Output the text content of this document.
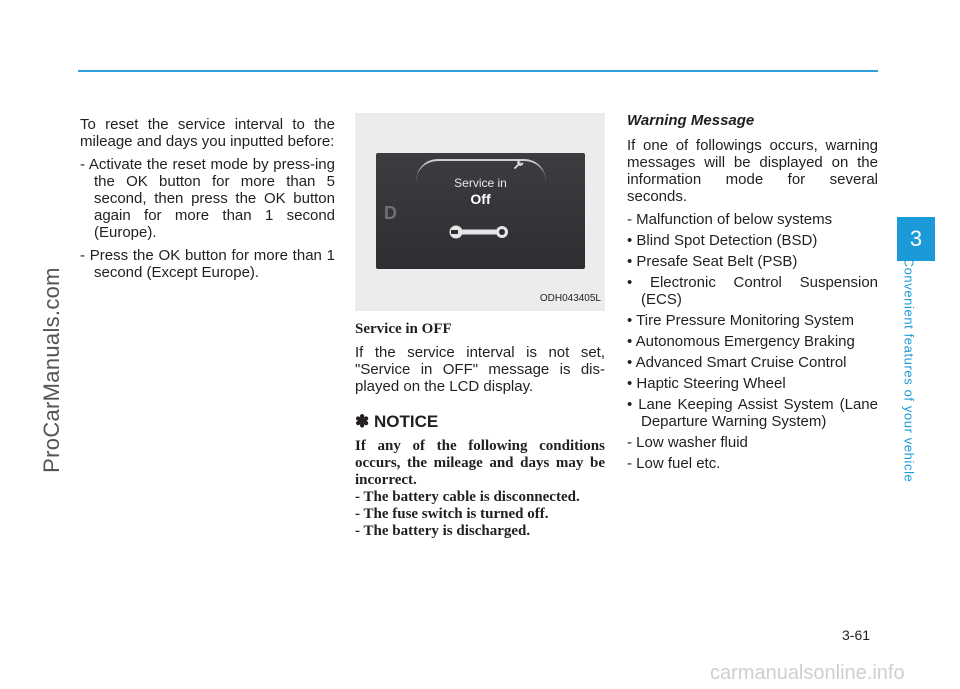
ProCarManuals.com
3
Convenient features of your vehicle

To reset the service interval to the mileage and days you inputted before:

- Activate the reset mode by press-ing the OK button for more than 5 second, then press the OK button again for more than 1 second (Europe).

- Press the OK button for more than 1 second (Except Europe).

Service in
Off
D
ODH043405L
Service in OFF

If the service interval is not set, "Service in OFF" message is dis-played on the LCD display.

✽ NOTICE

If any of the following conditions occurs, the mileage and days may be incorrect.

- The battery cable is disconnected.
- The fuse switch is turned off.
- The battery is discharged.
Warning Message

If one of followings occurs, warning messages will be displayed on the information mode for several seconds.

- Malfunction of below systems
• Blind Spot Detection (BSD)
• Presafe Seat Belt (PSB)
• Electronic Control Suspension (ECS)
• Tire Pressure Monitoring System
• Autonomous Emergency Braking
• Advanced Smart Cruise Control
• Haptic Steering Wheel
• Lane Keeping Assist System (Lane Departure Warning System)
- Low washer fluid
- Low fuel etc.
3-61
carmanualsonline.info
